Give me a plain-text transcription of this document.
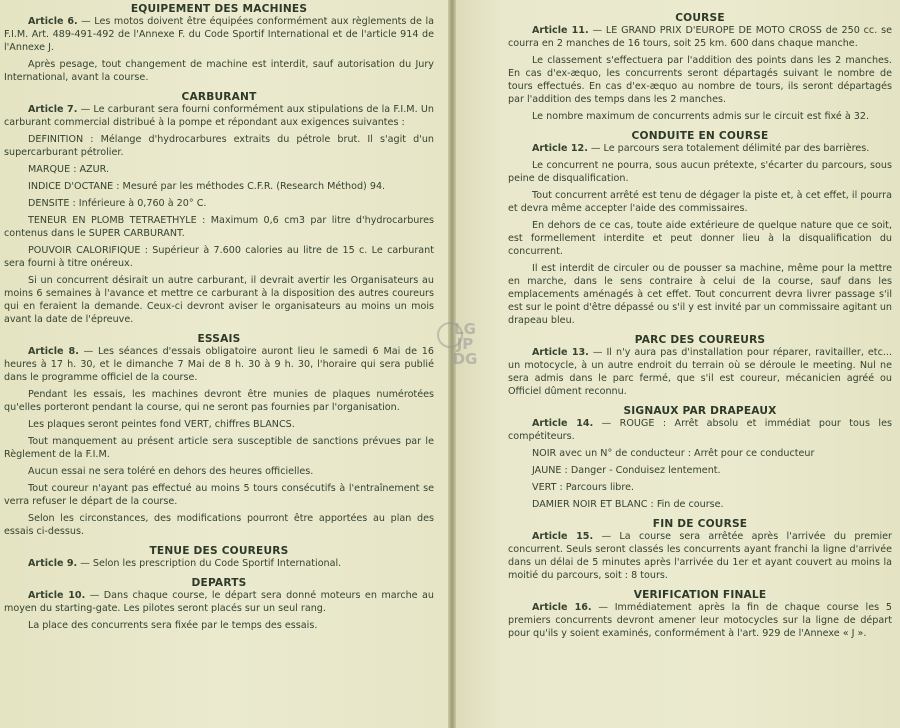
EQUIPEMENT DES MACHINES

Article 6. — Les motos doivent être équipées conformément aux règlements de la F.I.M. Art. 489-491-492 de l'Annexe F. du Code Sportif International et de l'article 914 de l'Annexe J.

Après pesage, tout changement de machine est interdit, sauf autorisation du Jury International, avant la course.

CARBURANT

Article 7. — Le carburant sera fourni conformément aux stipulations de la F.I.M. Un carburant commercial distribué à la pompe et répondant aux exigences suivantes :

DEFINITION : Mélange d'hydrocarbures extraits du pétrole brut. Il s'agit d'un supercarburant pétrolier.

MARQUE : AZUR.

INDICE D'OCTANE : Mesuré par les méthodes C.F.R. (Research Méthod) 94.

DENSITE : Inférieure à 0,760 à 20° C.

TENEUR EN PLOMB TETRAETHYLE : Maximum 0,6 cm3 par litre d'hydrocarbures contenus dans le SUPER CARBURANT.

POUVOIR CALORIFIQUE : Supérieur à 7.600 calories au litre de 15 c. Le carburant sera fourni à titre onéreux.

Si un concurrent désirait un autre carburant, il devrait avertir les Organisateurs au moins 6 semaines à l'avance et mettre ce carburant à la disposition des autres coureurs qui en feraient la demande. Ceux-ci devront aviser le organisateurs au moins un mois avant la date de l'épreuve.

ESSAIS

Article 8. — Les séances d'essais obligatoire auront lieu le samedi 6 Mai de 16 heures à 17 h. 30, et le dimanche 7 Mai de 8 h. 30 à 9 h. 30, l'horaire qui sera publié dans le programme officiel de la course.

Pendant les essais, les machines devront être munies de plaques numérotées qu'elles porteront pendant la course, qui ne seront pas fournies par l'organisation.

Les plaques seront peintes fond VERT, chiffres BLANCS.

Tout manquement au présent article sera susceptible de sanctions prévues par le Règlement de la F.I.M.

Aucun essai ne sera toléré en dehors des heures officielles.

Tout coureur n'ayant pas effectué au moins 5 tours consécutifs à l'entraînement se verra refuser le départ de la course.

Selon les circonstances, des modifications pourront être apportées au plan des essais ci-dessus.

TENUE DES COUREURS

Article 9. — Selon les prescription du Code Sportif International.

DEPARTS

Article 10. — Dans chaque course, le départ sera donné moteurs en marche au moyen du starting-gate. Les pilotes seront placés sur un seul rang.

La place des concurrents sera fixée par le temps des essais.

COURSE

Article 11. — LE GRAND PRIX D'EUROPE DE MOTO CROSS de 250 cc. se courra en 2 manches de 16 tours, soit 25 km. 600 dans chaque manche.

Le classement s'effectuera par l'addition des points dans les 2 manches. En cas d'ex-æquo, les concurrents seront départagés suivant le nombre de tours effectués. En cas d'ex-æquo au nombre de tours, ils seront départagés par l'addition des temps dans les 2 manches.

Le nombre maximum de concurrents admis sur le circuit est fixé à 32.

CONDUITE EN COURSE

Article 12. — Le parcours sera totalement délimité par des barrières.

Le concurrent ne pourra, sous aucun prétexte, s'écarter du parcours, sous peine de disqualification.

Tout concurrent arrêté est tenu de dégager la piste et, à cet effet, il pourra et devra même accepter l'aide des commissaires.

En dehors de ce cas, toute aide extérieure de quelque nature que ce soit, est formellement interdite et peut donner lieu à la disqualification du concurrent.

Il est interdit de circuler ou de pousser sa machine, même pour la mettre en marche, dans le sens contraire à celui de la course, sauf dans les emplacements aménagés à cet effet. Tout concurrent devra livrer passage s'il est sur le point d'être dépassé ou s'il y est invité par un commissaire agitant un drapeau bleu.

PARC DES COUREURS

Article 13. — Il n'y aura pas d'installation pour réparer, ravitailler, etc... un motocycle, à un autre endroit du terrain où se déroule le meeting. Nul ne sera admis dans le parc fermé, que s'il est coureur, mécanicien agréé ou Officiel dûment reconnu.

SIGNAUX PAR DRAPEAUX

Article 14. — ROUGE : Arrêt absolu et immédiat pour tous les compétiteurs.

NOIR avec un N° de conducteur : Arrêt pour ce conducteur

JAUNE : Danger - Conduisez lentement.

VERT : Parcours libre.

DAMIER NOIR ET BLANC : Fin de course.

FIN DE COURSE

Article 15. — La course sera arrêtée après l'arrivée du premier concurrent. Seuls seront classés les concurrents ayant franchi la ligne d'arrivée dans un délai de 5 minutes après l'arrivée du 1er et ayant couvert au moins la moitié du parcours, soit : 8 tours.

VERIFICATION FINALE

Article 16. — Immédiatement après la fin de chaque course les 5 premiers concurrents devront amener leur motocycles sur la ligne de départ pour qu'ils y soient examinés, conformément à l'art. 929 de l'Annexe « J ».

LG
JP
DG
